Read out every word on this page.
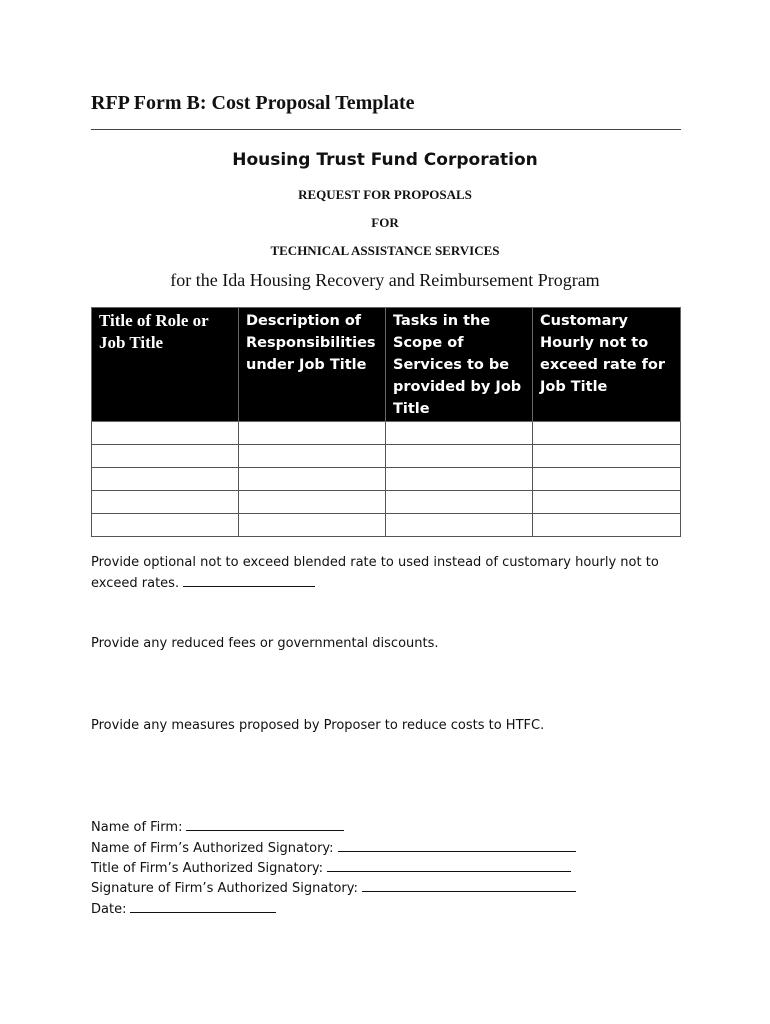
RFP Form B: Cost Proposal Template
Housing Trust Fund Corporation
REQUEST FOR PROPOSALS
FOR
TECHNICAL ASSISTANCE SERVICES
for the Ida Housing Recovery and Reimbursement Program
Title of Role or Job Title	Description of Responsibilities under Job Title	Tasks in the Scope of Services to be provided by Job Title	Customary Hourly not to exceed rate for Job Title

Provide optional not to exceed blended rate to used instead of customary hourly not to exceed rates.
Provide any reduced fees or governmental discounts.
Provide any measures proposed by Proposer to reduce costs to HTFC.
Name of Firm:
Name of Firm’s Authorized Signatory:
Title of Firm’s Authorized Signatory:
Signature of Firm’s Authorized Signatory:
Date:
